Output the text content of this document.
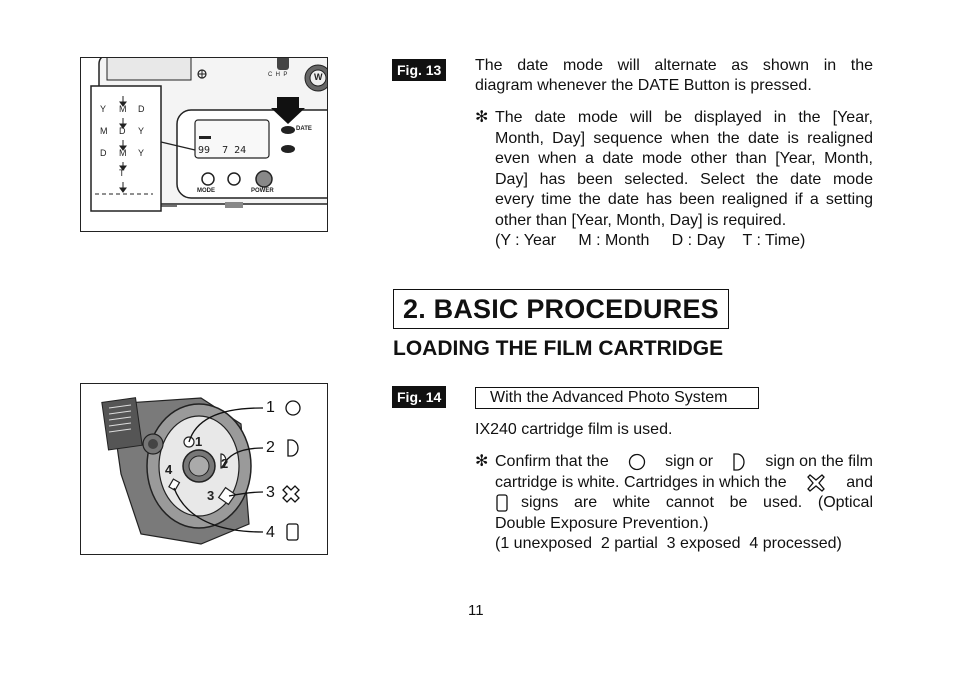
Y M D
M D Y
D M Y
T
99  7 24
DATE
MODE	POWER
C  H  P	W	Fig. 13	The date mode will alternate as shown in the
diagram whenever the DATE Button is pressed.
✻ The date mode will be displayed in the [Year,
Month, Day] sequence when the date is realigned
even when a date mode other than [Year, Month,
Day] has been selected. Select the date mode
every time the date has been realigned if a setting
other than [Year, Month, Day] is required.
(Y : Year     M : Month     D : Day    T : Time)
2. BASIC PROCEDURES
LOADING THE FILM CARTRIDGE
1
2
3
4
1
2
3
4
Fig. 14	With the Advanced Photo System
IX240 cartridge film is used.
✻ Confirm that the	sign or	sign on the film
cartridge is white. Cartridges in which the	and
signs are white cannot be used. (Optical
Double Exposure Prevention.)
(1 unexposed  2 partial  3 exposed  4 processed)
11
